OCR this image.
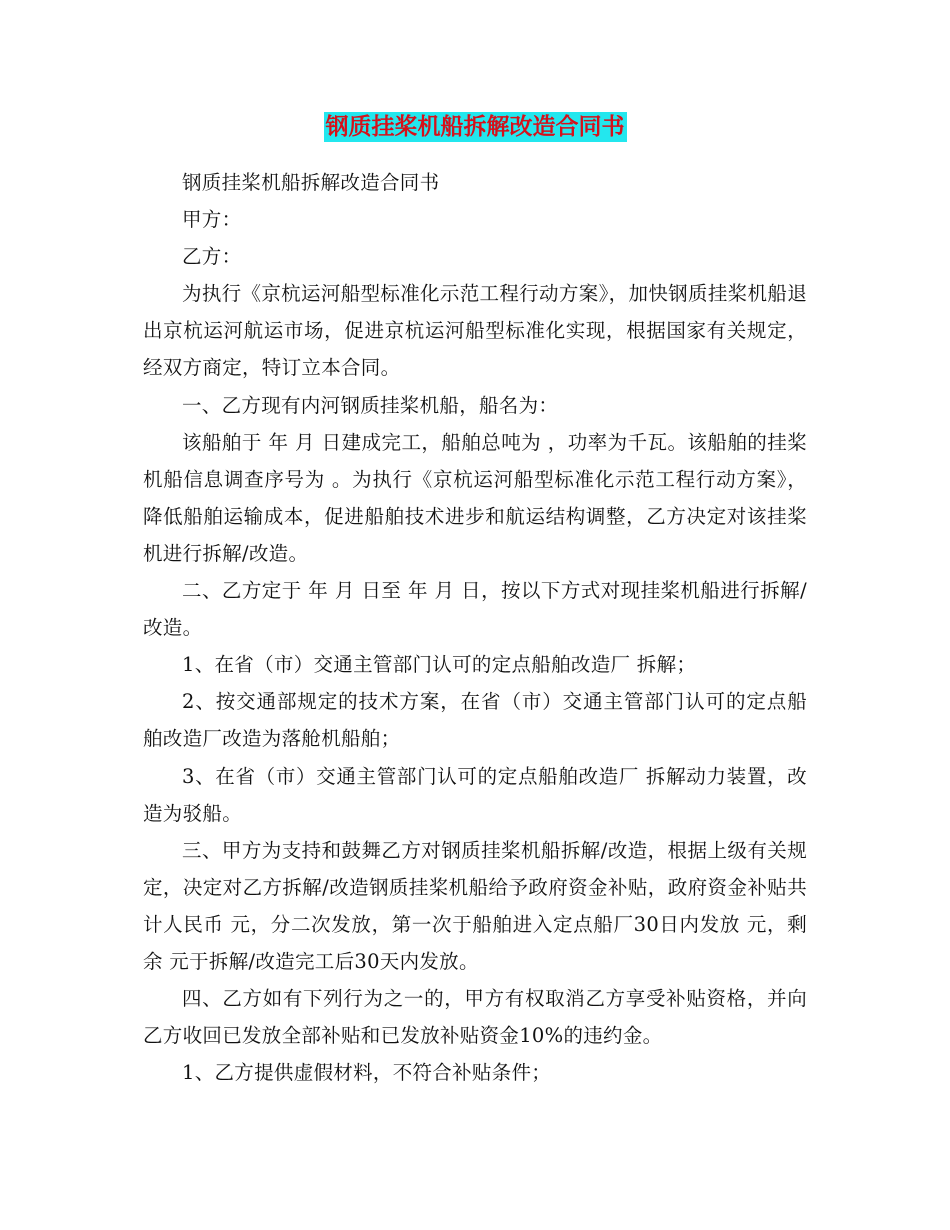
钢质挂桨机船拆解改造合同书

钢质挂桨机船拆解改造合同书

甲方：

乙方：

为执行《京杭运河船型标准化示范工程行动方案》，加快钢质挂桨机船退出京杭运河航运市场，促进京杭运河船型标准化实现，根据国家有关规定，经双方商定，特订立本合同。

一、乙方现有内河钢质挂桨机船，船名为：

该船舶于 年 月 日建成完工，船舶总吨为 ，功率为千瓦。该船舶的挂桨机船信息调查序号为 。为执行《京杭运河船型标准化示范工程行动方案》，降低船舶运输成本，促进船舶技术进步和航运结构调整，乙方决定对该挂桨机进行拆解/改造。

二、乙方定于 年 月 日至 年 月 日，按以下方式对现挂桨机船进行拆解/改造。

1、在省（市）交通主管部门认可的定点船舶改造厂 拆解；

2、按交通部规定的技术方案，在省（市）交通主管部门认可的定点船舶改造厂改造为落舱机船舶；

3、在省（市）交通主管部门认可的定点船舶改造厂 拆解动力装置，改造为驳船。

三、甲方为支持和鼓舞乙方对钢质挂桨机船拆解/改造，根据上级有关规定，决定对乙方拆解/改造钢质挂桨机船给予政府资金补贴，政府资金补贴共计人民币 元，分二次发放，第一次于船舶进入定点船厂30日内发放 元，剩余 元于拆解/改造完工后30天内发放。

四、乙方如有下列行为之一的，甲方有权取消乙方享受补贴资格，并向乙方收回已发放全部补贴和已发放补贴资金10%的违约金。

1、乙方提供虚假材料，不符合补贴条件；
